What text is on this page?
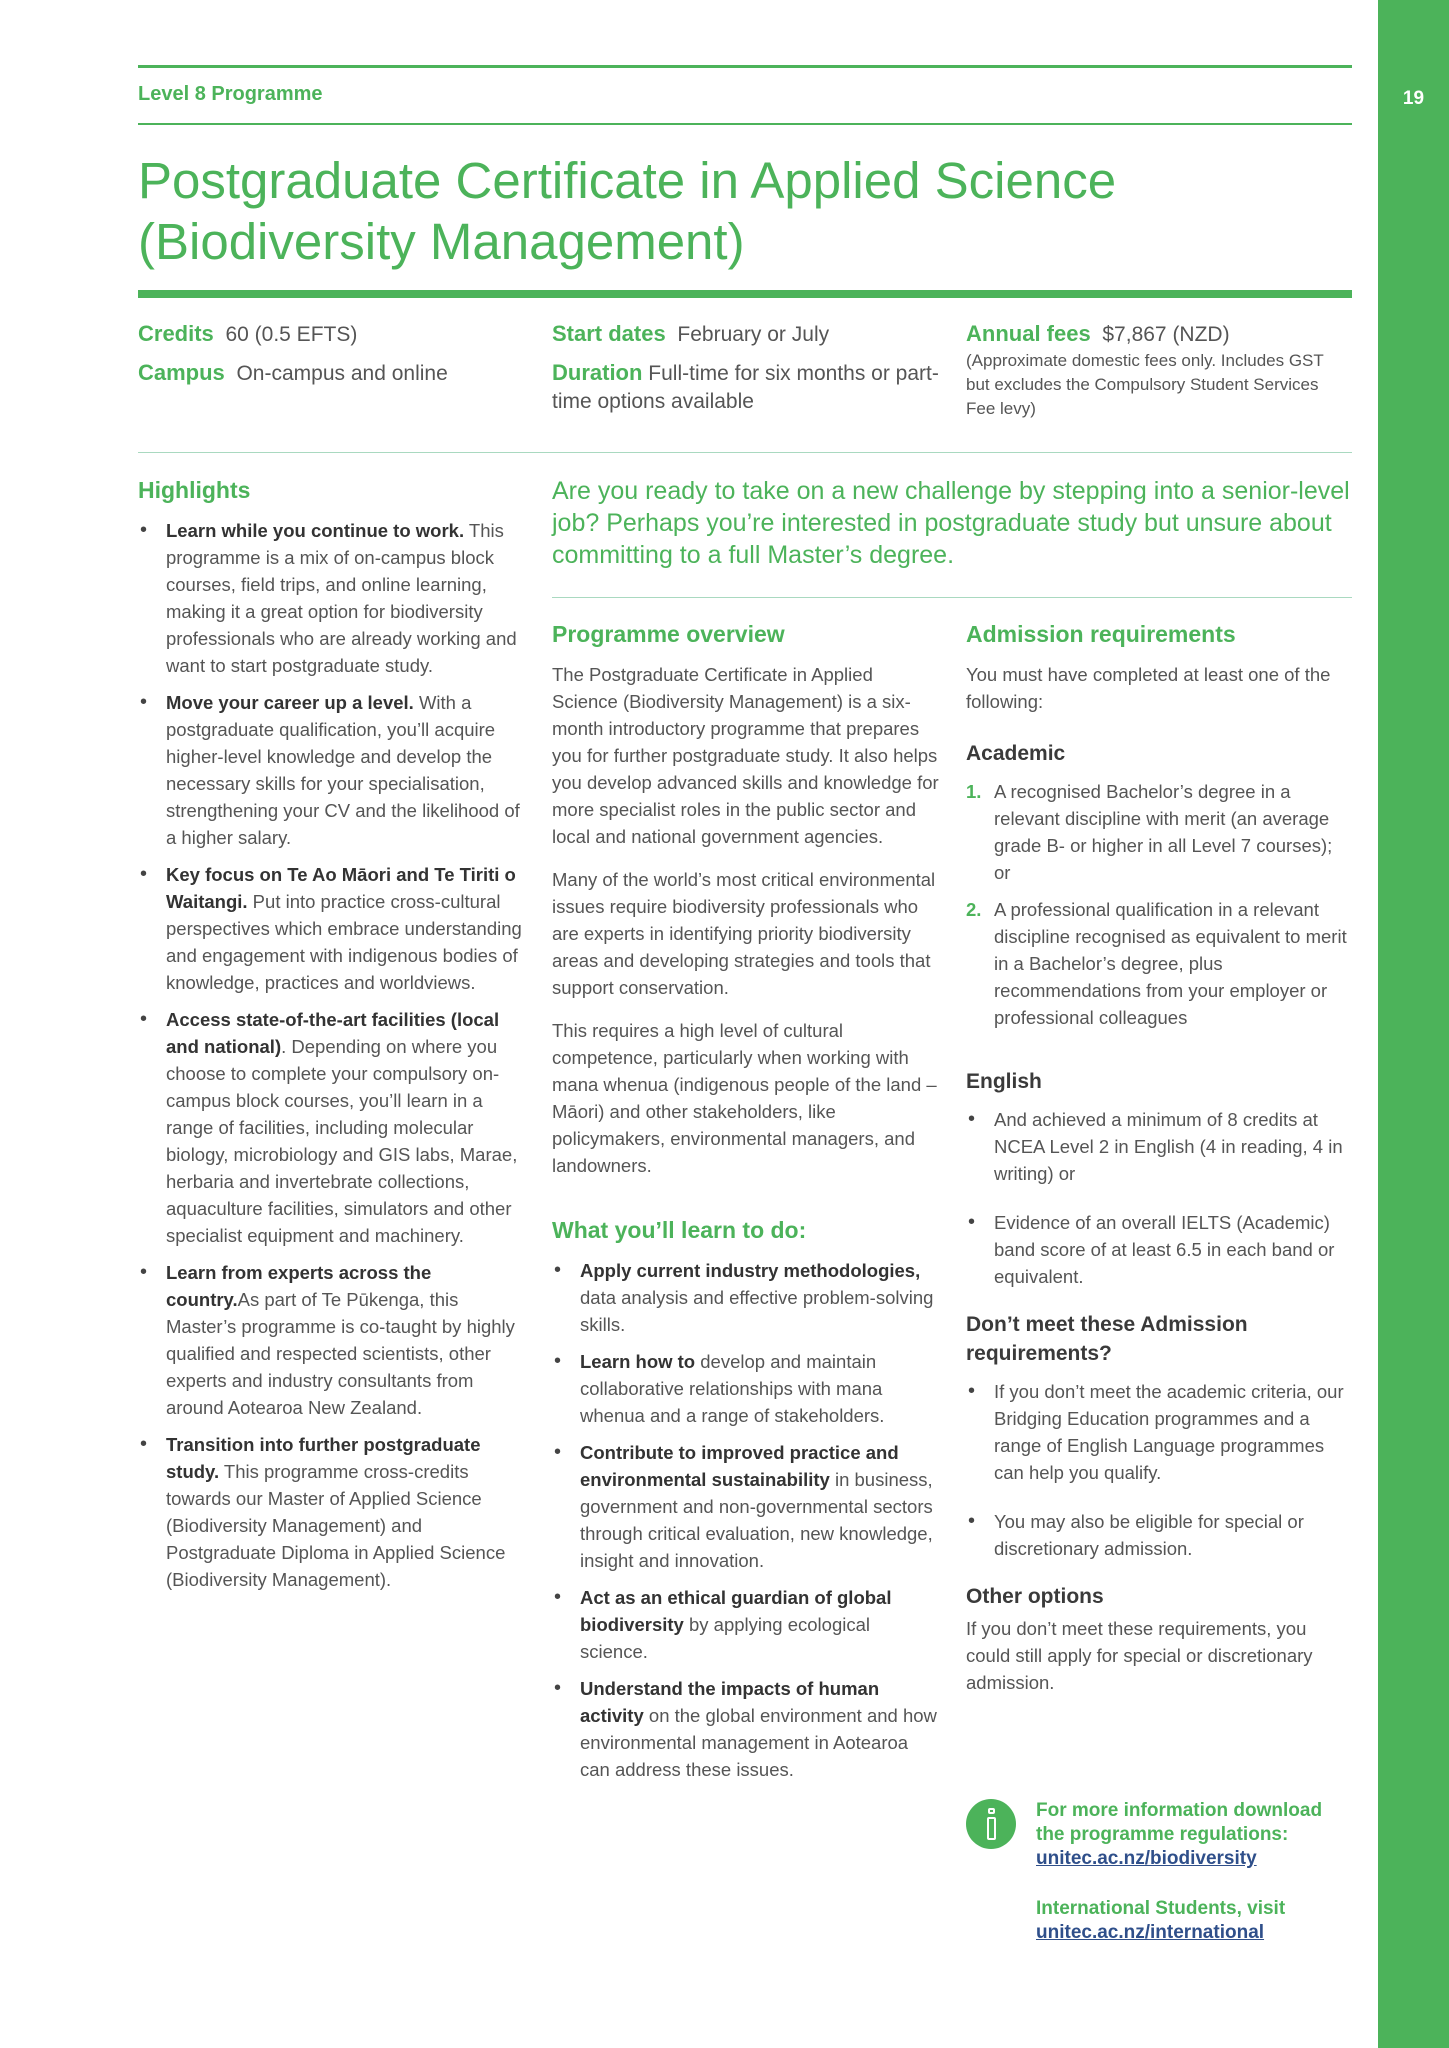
19
Level 8 Programme
Postgraduate Certificate in Applied Science
(Biodiversity Management)
Credits 60 (0.5 EFTS)
Campus On-campus and online
Start dates February or July
Duration Full-time for six months or part-time options available
Annual fees $7,867 (NZD)
(Approximate domestic fees only. Includes GST but excludes the Compulsory Student Services Fee levy)
Highlights
• Learn while you continue to work. This programme is a mix of on-campus block courses, field trips, and online learning, making it a great option for biodiversity professionals who are already working and want to start postgraduate study.
• Move your career up a level. With a postgraduate qualification, you’ll acquire higher-level knowledge and develop the necessary skills for your specialisation, strengthening your CV and the likelihood of a higher salary.
• Key focus on Te Ao Māori and Te Tiriti o Waitangi. Put into practice cross-cultural perspectives which embrace understanding and engagement with indigenous bodies of knowledge, practices and worldviews.
• Access state-of-the-art facilities (local and national). Depending on where you choose to complete your compulsory on-campus block courses, you’ll learn in a range of facilities, including molecular biology, microbiology and GIS labs, Marae, herbaria and invertebrate collections, aquaculture facilities, simulators and other specialist equipment and machinery.
• Learn from experts across the country.As part of Te Pūkenga, this Master’s programme is co-taught by highly qualified and respected scientists, other experts and industry consultants from around Aotearoa New Zealand.
• Transition into further postgraduate study. This programme cross-credits towards our Master of Applied Science (Biodiversity Management) and Postgraduate Diploma in Applied Science (Biodiversity Management).
Are you ready to take on a new challenge by stepping into a senior-level job? Perhaps you’re interested in postgraduate study but unsure about committing to a full Master’s degree.
Programme overview

The Postgraduate Certificate in Applied Science (Biodiversity Management) is a six-month introductory programme that prepares you for further postgraduate study. It also helps you develop advanced skills and knowledge for more specialist roles in the public sector and local and national government agencies.

Many of the world’s most critical environmental issues require biodiversity professionals who are experts in identifying priority biodiversity areas and developing strategies and tools that support conservation.

This requires a high level of cultural competence, particularly when working with mana whenua (indigenous people of the land – Māori) and other stakeholders, like policymakers, environmental managers, and landowners.

What you’ll learn to do:
• Apply current industry methodologies, data analysis and effective problem-solving skills.
• Learn how to develop and maintain collaborative relationships with mana whenua and a range of stakeholders.
• Contribute to improved practice and environmental sustainability in business, government and non-governmental sectors through critical evaluation, new knowledge, insight and innovation.
• Act as an ethical guardian of global biodiversity by applying ecological science.
• Understand the impacts of human activity on the global environment and how environmental management in Aotearoa can address these issues.
Admission requirements

You must have completed at least one of the following:

Academic
1. A recognised Bachelor’s degree in a relevant discipline with merit (an average grade B- or higher in all Level 7 courses); or
2. A professional qualification in a relevant discipline recognised as equivalent to merit in a Bachelor’s degree, plus recommendations from your employer or professional colleagues
English
• And achieved a minimum of 8 credits at NCEA Level 2 in English (4 in reading, 4 in writing) or
• Evidence of an overall IELTS (Academic) band score of at least 6.5 in each band or equivalent.
Don’t meet these Admission requirements?
• If you don’t meet the academic criteria, our Bridging Education programmes and a range of English Language programmes can help you qualify.
• You may also be eligible for special or discretionary admission.
Other options

If you don’t meet these requirements, you could still apply for special or discretionary admission.

For more information download the programme regulations:
unitec.ac.nz/biodiversity
International Students, visit
unitec.ac.nz/international
